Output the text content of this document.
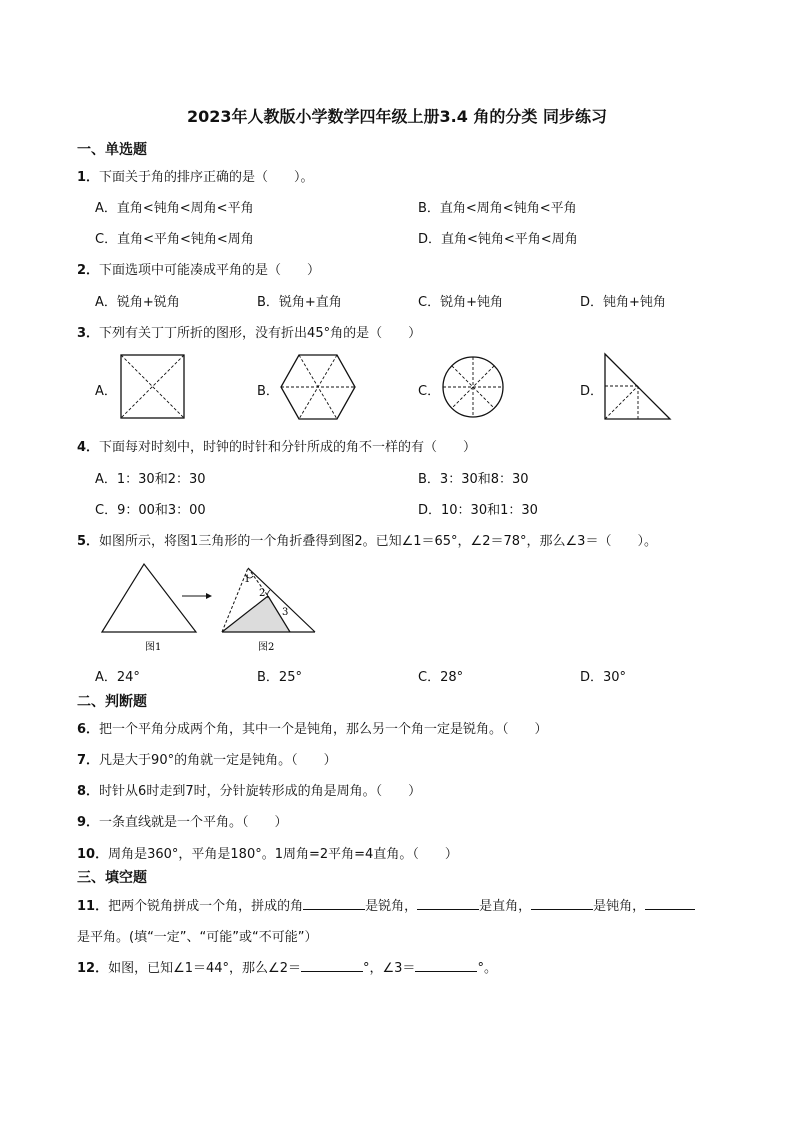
2023年人教版小学数学四年级上册3.4 角的分类 同步练习
一、单选题
1．下面关于角的排序正确的是（　　）。
A．直角<钝角<周角<平角	B．直角<周角<钝角<平角
C．直角<平角<钝角<周角	D．直角<钝角<平角<周角
2．下面选项中可能凑成平角的是（　　）
A．锐角+锐角	B．锐角+直角	C．锐角+钝角	D．钝角+钝角
3．下列有关丁丁所折的图形，没有折出45°角的是（　　）
A．	B．	C．	D．
4．下面每对时刻中，时钟的时针和分针所成的角不一样的有（　　）
A．1：30和2：30	B．3：30和8：30
C．9：00和3：00	D．10：30和1：30
5．如图所示，将图1三角形的一个角折叠得到图2。已知∠1＝65°，∠2＝78°，那么∠3＝（　　）。
1
2
3
图1	图2
A．24°	B．25°	C．28°	D．30°
二、判断题
6．把一个平角分成两个角，其中一个是钝角，那么另一个角一定是锐角。（　　）
7．凡是大于90°的角就一定是钝角。（　　）
8．时针从6时走到7时，分针旋转形成的角是周角。（　　）
9．一条直线就是一个平角。（　　）
10．周角是360°，平角是180°。1周角=2平角=4直角。（　　）
三、填空题
11．把两个锐角拼成一个角，拼成的角	是锐角，	是直角，	是钝角，
是平角。(填“一定”、“可能”或“不可能”）
12．如图，已知∠1＝44°，那么∠2＝	°，∠3＝	°。
